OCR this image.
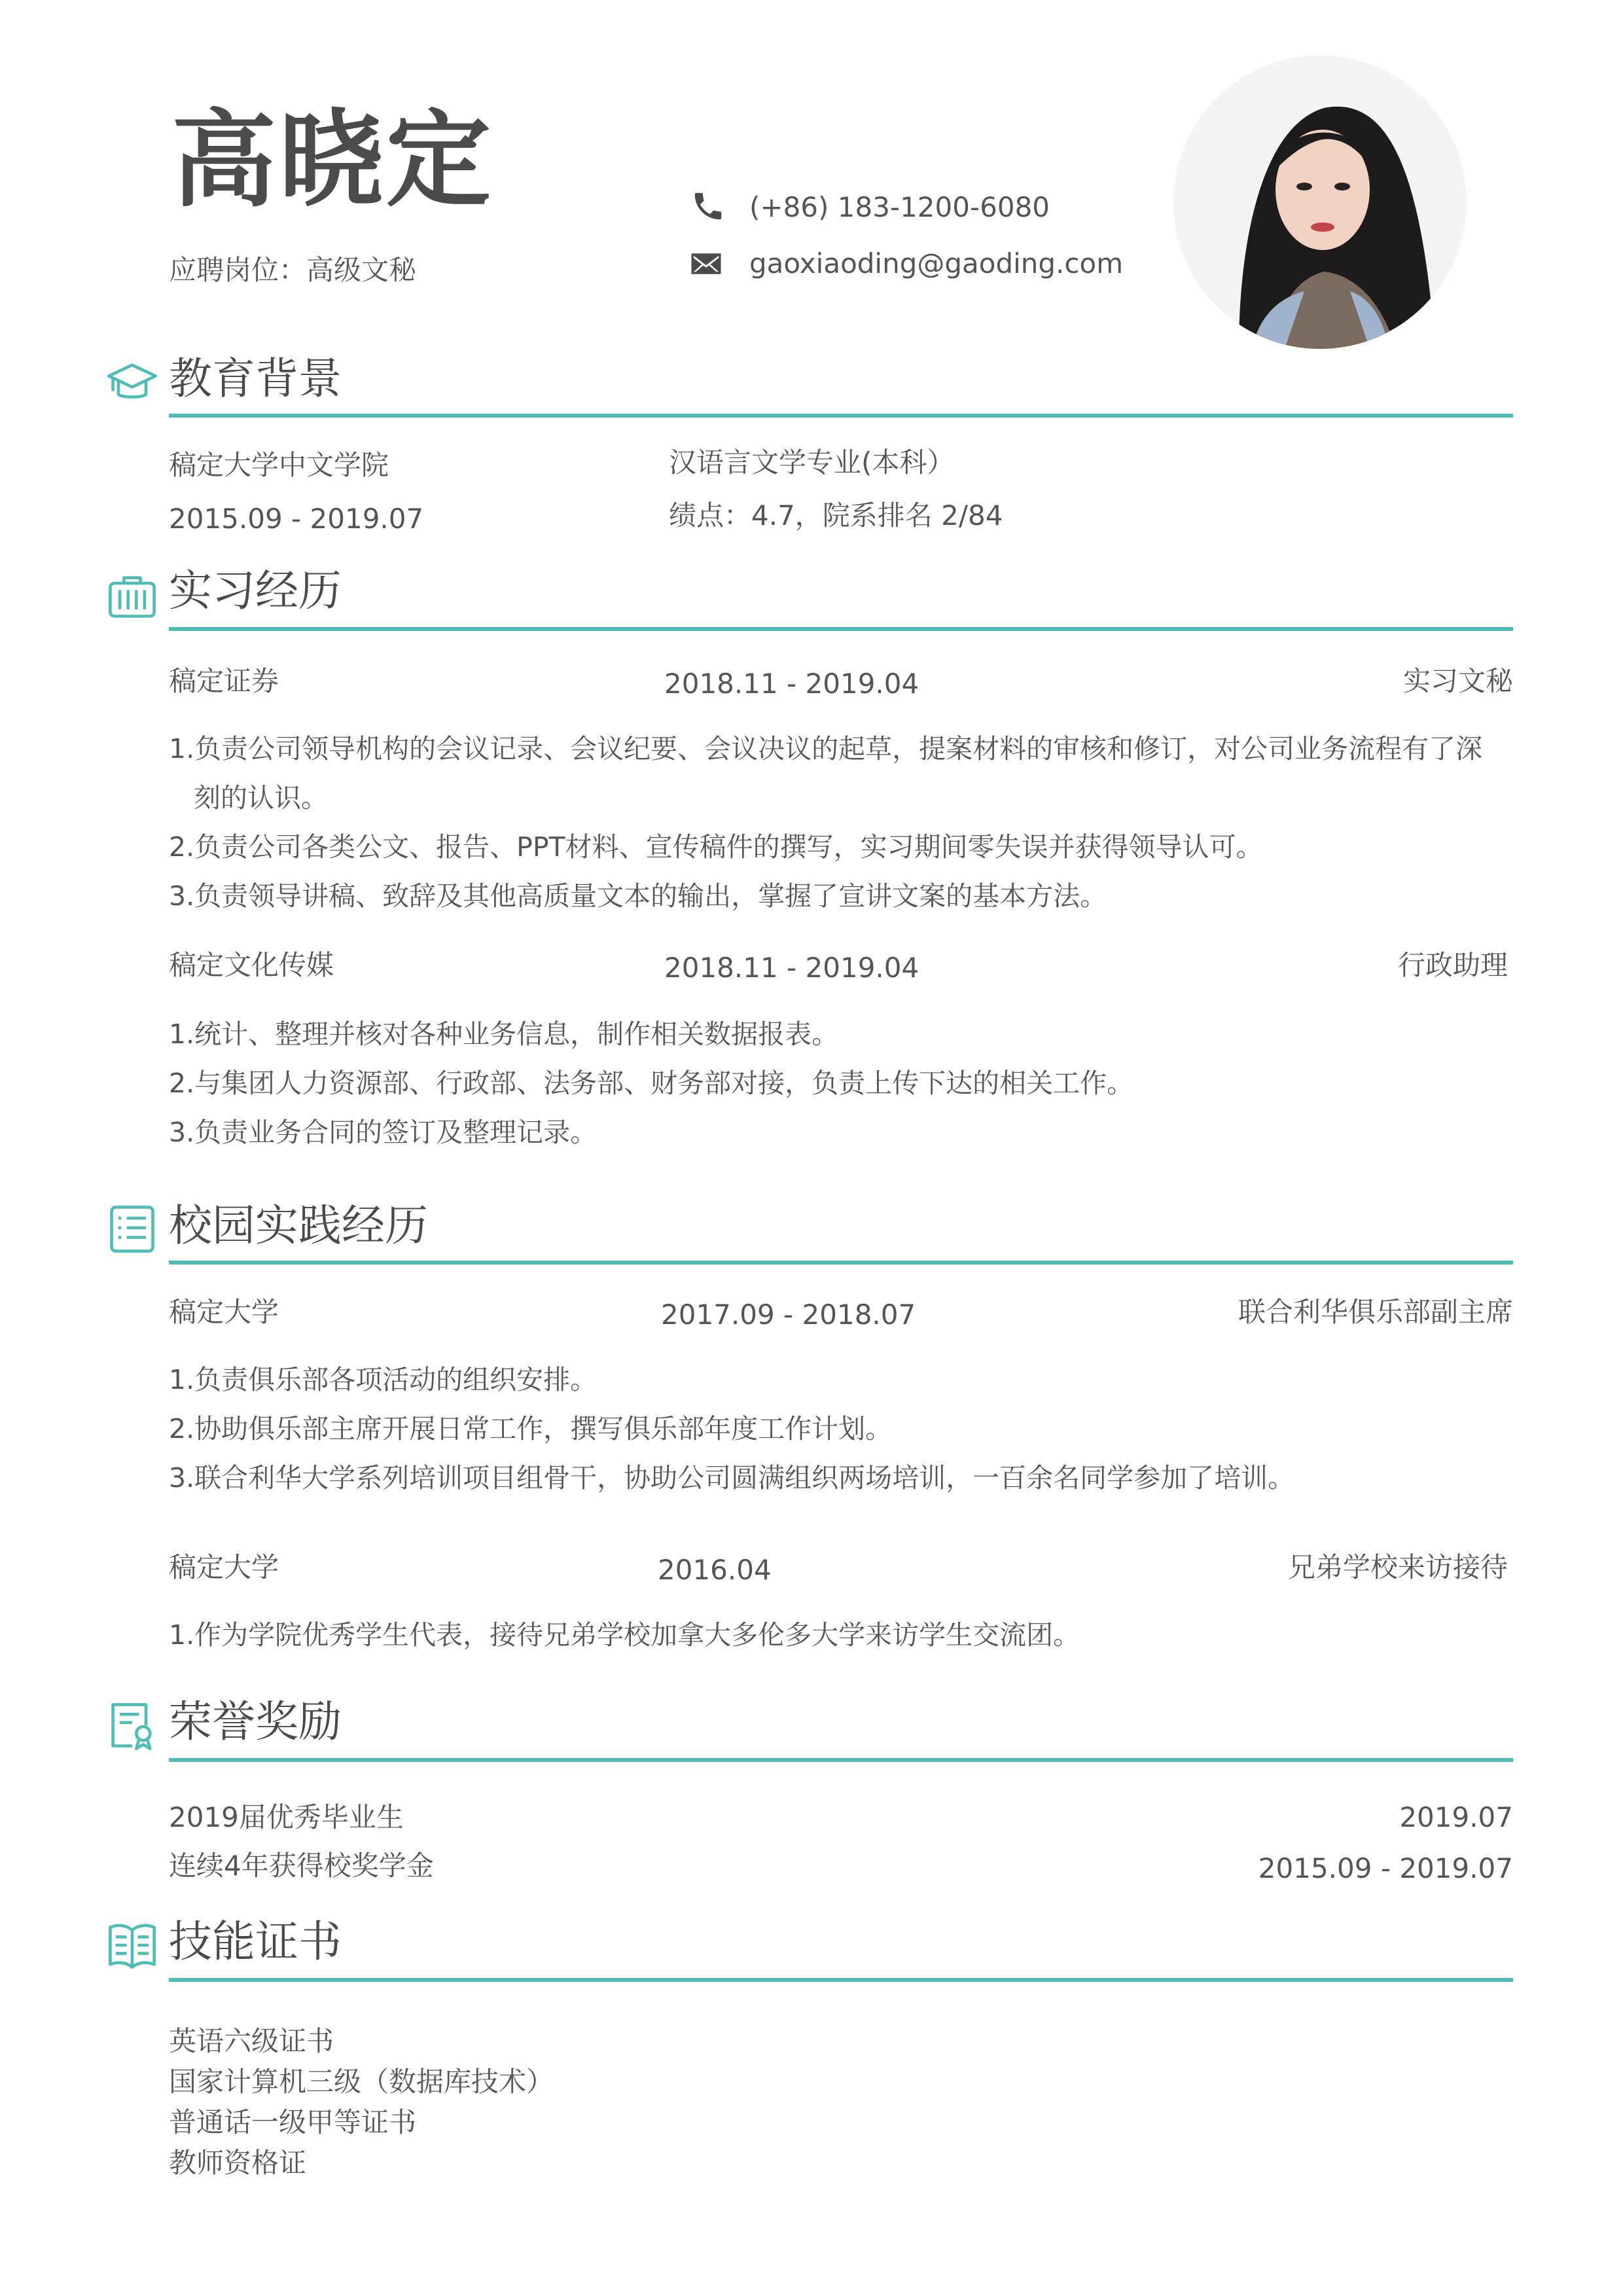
高晓定
应聘岗位：高级文秘
(+86) 183-1200-6080
gaoxiaoding@gaoding.com
教育背景
稿定大学中文学院	汉语言文学专业(本科）
2015.09 - 2019.07	绩点：4.7，院系排名 2/84
实习经历
稿定证券	2018.11 - 2019.04	实习文秘
1.负责公司领导机构的会议记录、会议纪要、会议决议的起草，提案材料的审核和修订，对公司业务流程有了深
刻的认识。
2.负责公司各类公文、报告、PPT材料、宣传稿件的撰写，实习期间零失误并获得领导认可。
3.负责领导讲稿、致辞及其他高质量文本的输出，掌握了宣讲文案的基本方法。
稿定文化传媒	2018.11 - 2019.04	行政助理
1.统计、整理并核对各种业务信息，制作相关数据报表。
2.与集团人力资源部、行政部、法务部、财务部对接，负责上传下达的相关工作。
3.负责业务合同的签订及整理记录。
校园实践经历
稿定大学	2017.09 - 2018.07	联合利华俱乐部副主席
1.负责俱乐部各项活动的组织安排。
2.协助俱乐部主席开展日常工作，撰写俱乐部年度工作计划。
3.联合利华大学系列培训项目组骨干，协助公司圆满组织两场培训，一百余名同学参加了培训。
稿定大学	2016.04	兄弟学校来访接待
1.作为学院优秀学生代表，接待兄弟学校加拿大多伦多大学来访学生交流团。
荣誉奖励
2019届优秀毕业生	2019.07
连续4年获得校奖学金	2015.09 - 2019.07
技能证书
英语六级证书
国家计算机三级（数据库技术）
普通话一级甲等证书
教师资格证
